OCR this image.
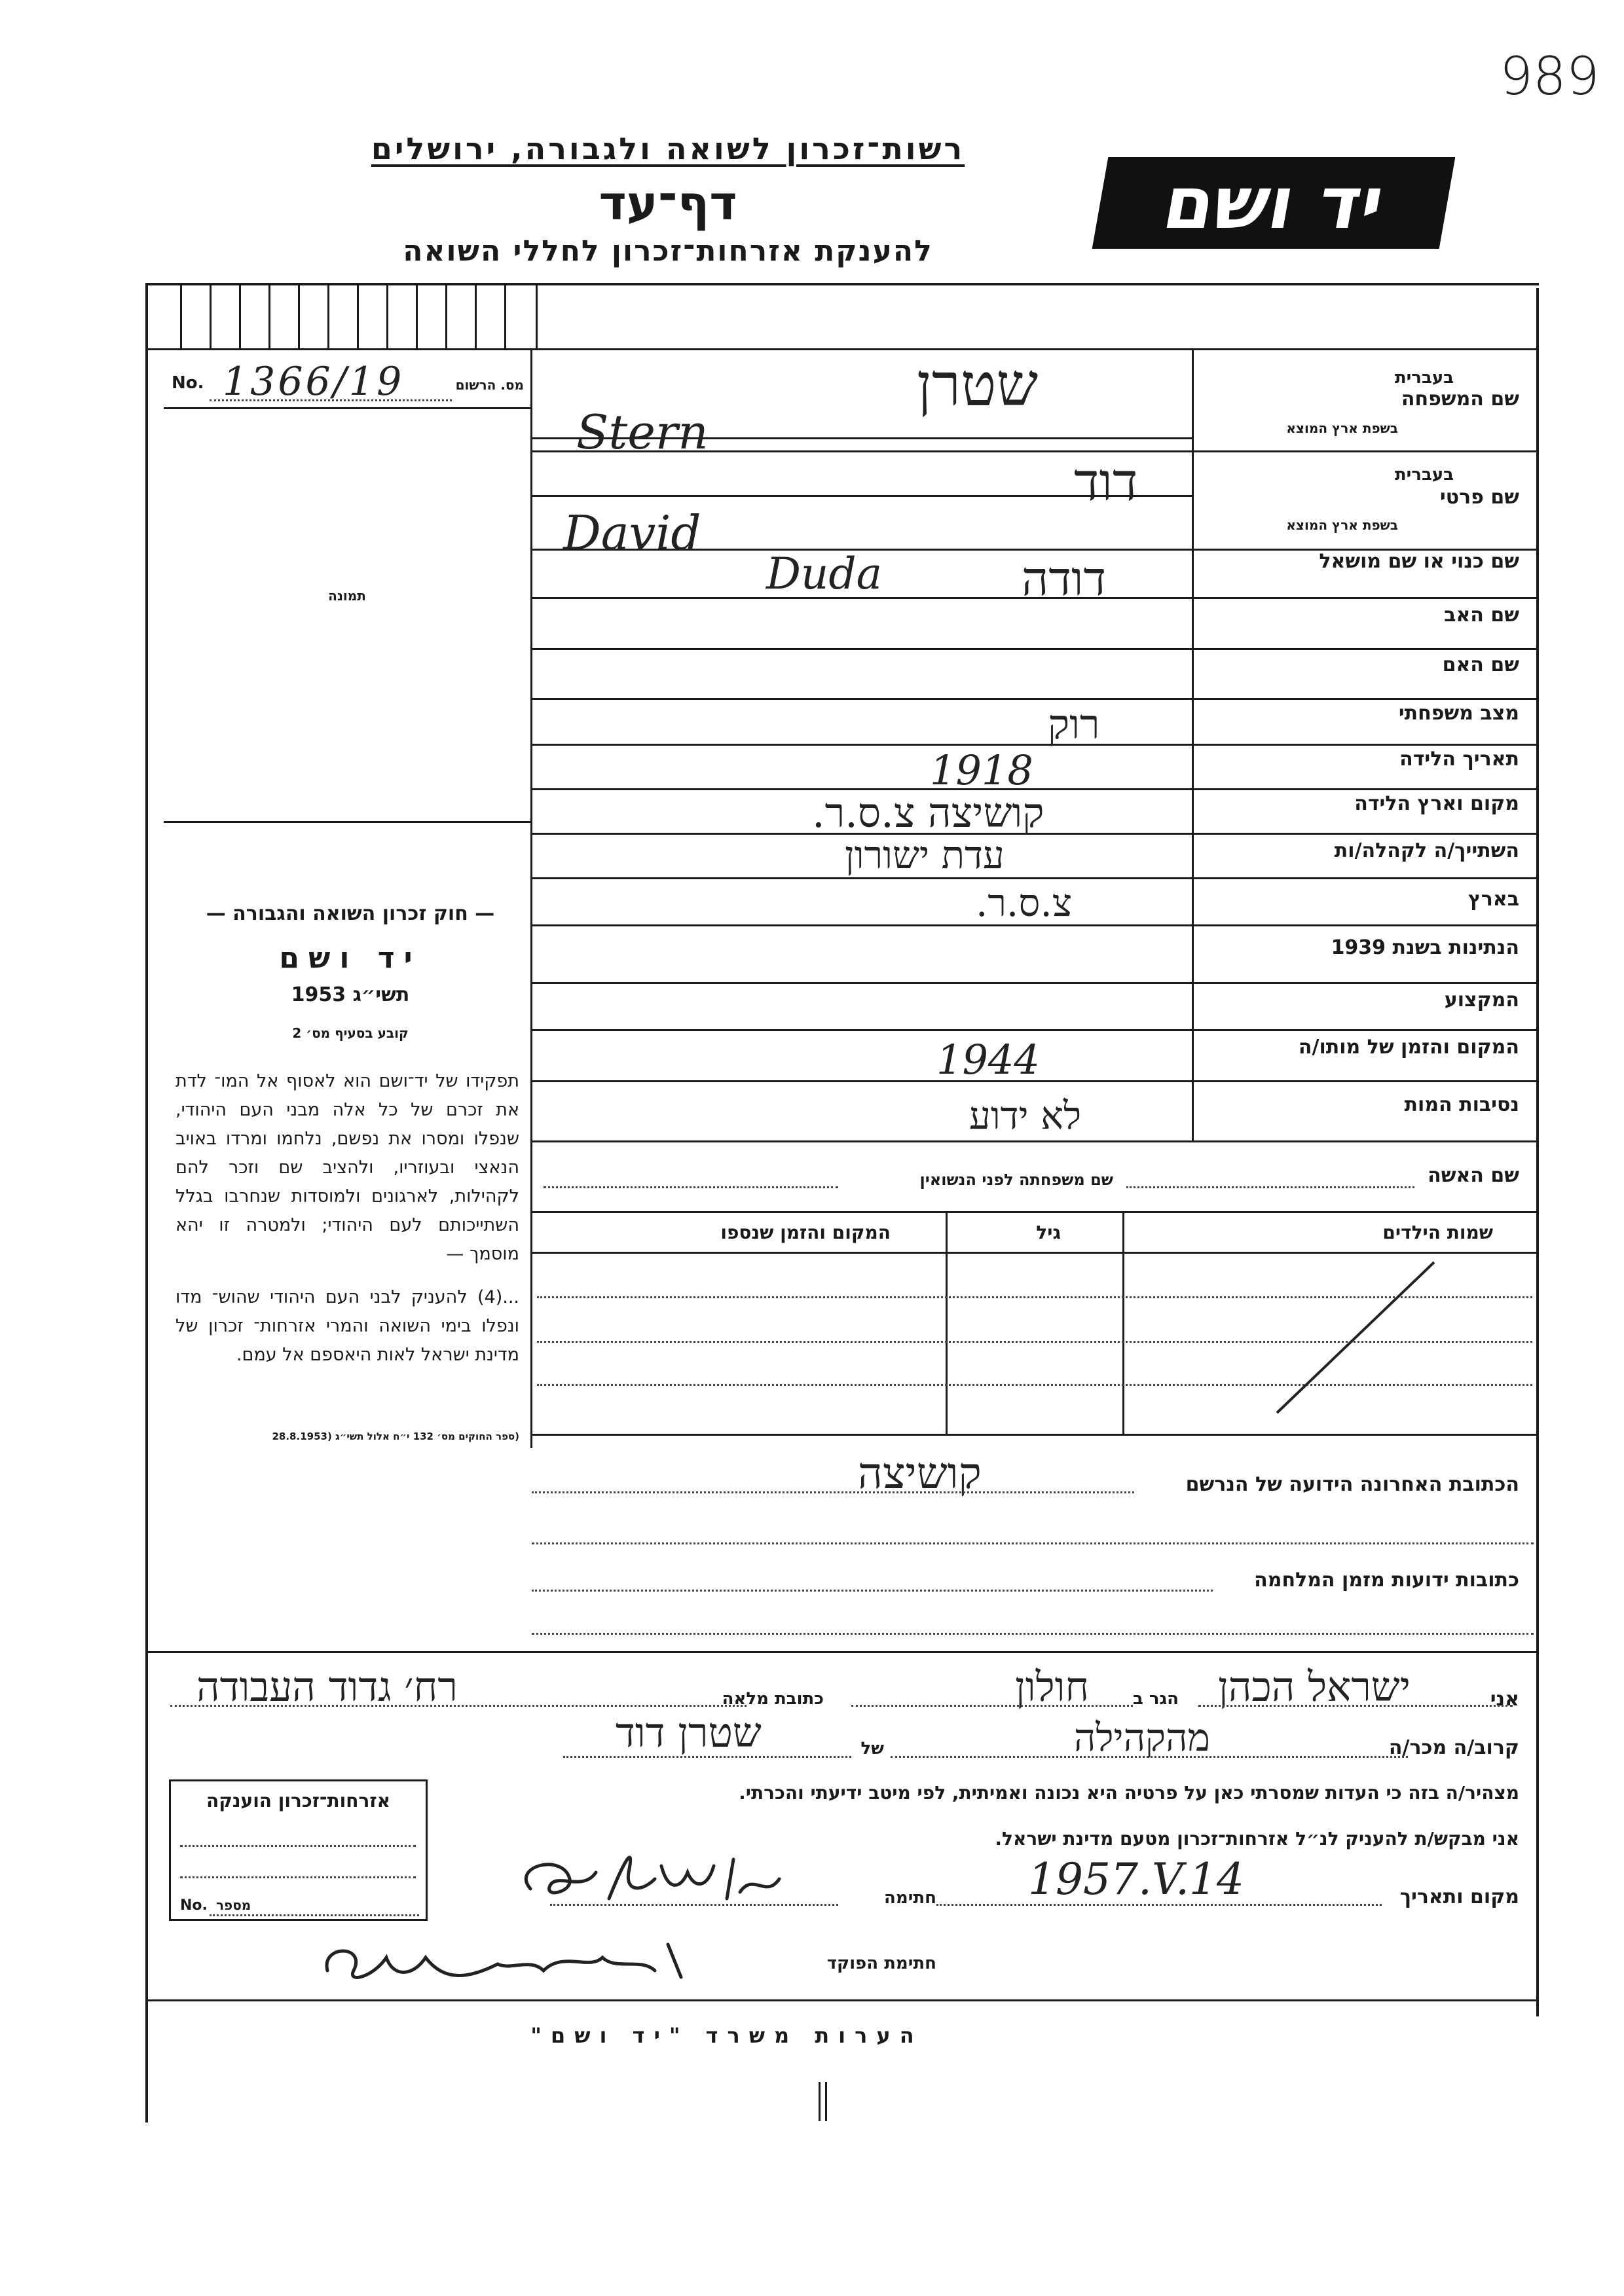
989
רשות־זכרון לשואה ולגבורה, ירושלים
דף־עד
להענקת אזרחות־זכרון לחללי השואה
יד ושם
No. 1366/19	מס. הרשום
תמונה
— חוק זכרון השואה והגבורה —
יד ושם
תשי״ג 1953
קובע בסעיף מס׳ 2
תפקידו של יד־ושם הוא לאסוף אל המו־ לדת את זכרם של כל אלה מבני העם היהודי, שנפלו ומסרו את נפשם, נלחמו ומרדו באויב הנאצי ובעוזריו, ולהציב שם וזכר להם לקהילות, לארגונים ולמוסדות שנחרבו בגלל השתייכותם לעם היהודי; ולמטרה זו יהא מוסמך —
...(4) להעניק לבני העם היהודי שהוש־ מדו ונפלו בימי השואה והמרי אזרחות־ זכרון של מדינת ישראל לאות היאספם אל עמם.
(ספר החוקים מס׳ 132 י״ח אלול תשי״ג (28.8.1953
שם המשפחה
בעברית
בשפת ארץ המוצא
שטרן
Stern
שם פרטי
בעברית
בשפת ארץ המוצא
דוד
David
שם כנוי או שם מושאל
דודה
Duda
שם האב
שם האם
מצב משפחתי
רוק
תאריך הלידה
1918
מקום וארץ הלידה
קושיצה צ.ס.ר.
השתייך/ה לקהלה/ות
עדת ישורון
בארץ
צ.ס.ר.
הנתינות בשנת 1939
המקצוע
המקום והזמן של מותו/ה
1944
נסיבות המות
לא ידוע
שם האשה
שם משפחתה לפני הנשואין
שמות הילדים
גיל
המקום והזמן שנספו
הכתובת האחרונה הידועה של הנרשם
קושיצה
כתובות ידועות מזמן המלחמה
אני
ישראל הכהן
הגר ב
חולון
כתובת מלאה
רח׳ גדוד העבודה
קרוב/ה מכר/ה
מהקהילה
של
שטרן דוד
מצהיר/ה בזה כי העדות שמסרתי כאן על פרטיה היא נכונה ואמיתית, לפי מיטב ידיעתי והכרתי.
אני מבקש/ת להעניק לנ״ל אזרחות־זכרון מטעם מדינת ישראל.
מקום ותאריך
1957.V.14
חתימה
חתימת הפוקד
אזרחות־זכרון הוענקה
No. מספר
הערות משרד "יד ושם"
